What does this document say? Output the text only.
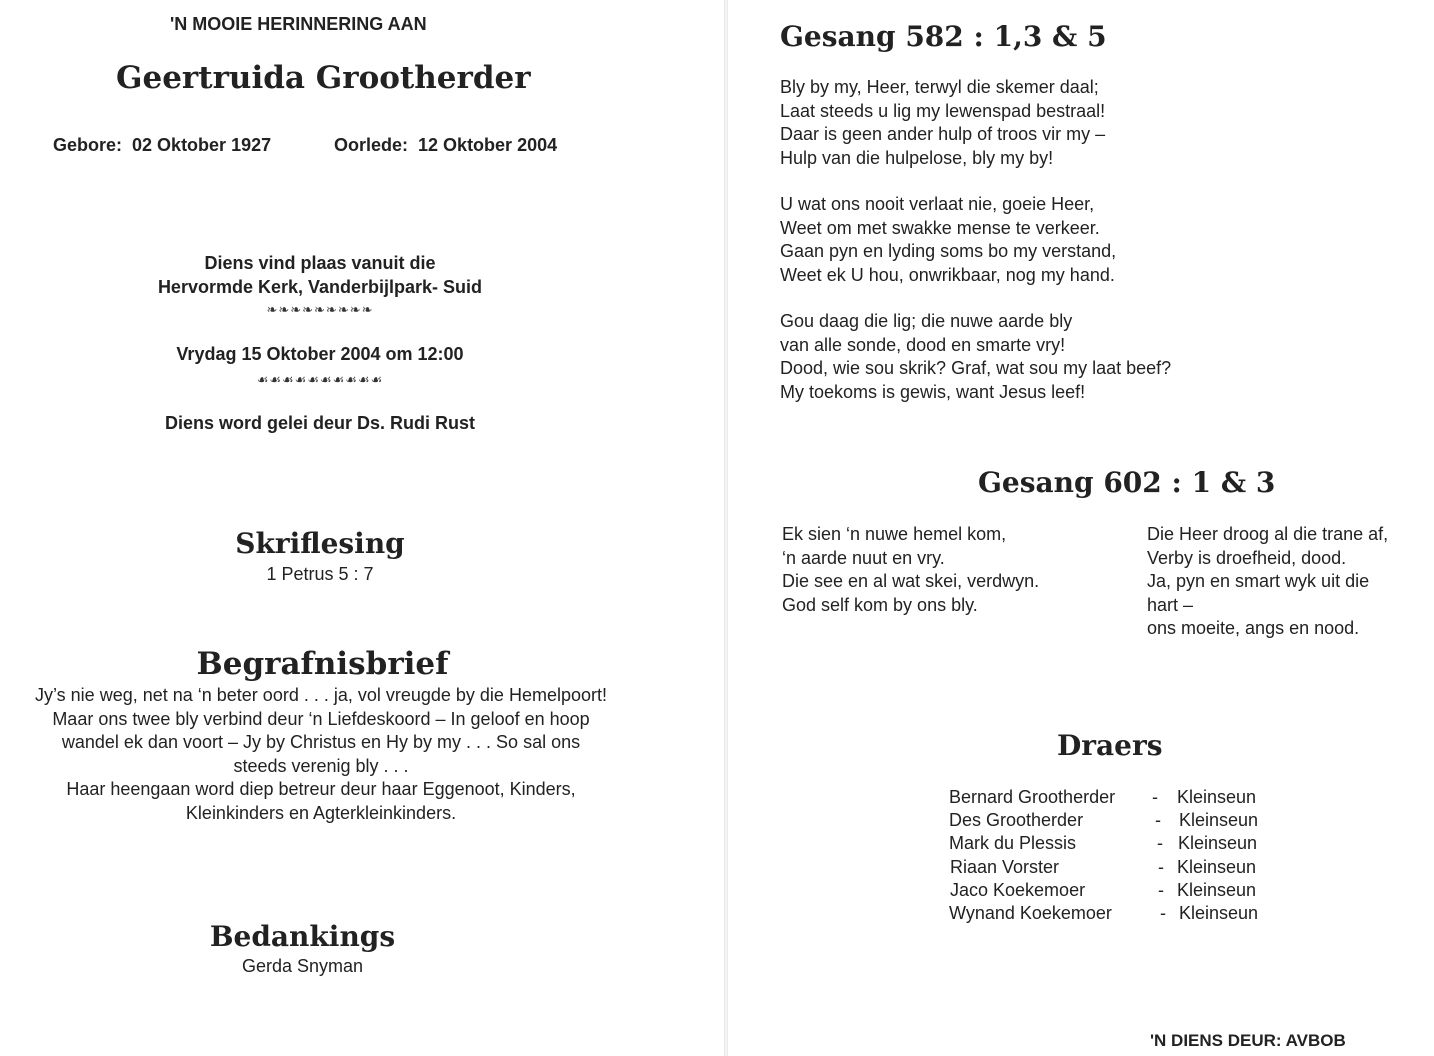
'N MOOIE HERINNERING AAN
Geertruida Grootherder
Gebore: 02 Oktober 1927	Oorlede: 12 Oktober 2004
Diens vind plaas vanuit die
Hervormde Kerk, Vanderbijlpark- Suid
❧❧❧❧❧❧❧❧❧
Vrydag 15 Oktober 2004 om 12:00
☙☙☙☙☙☙☙☙☙☙
Diens word gelei deur Ds. Rudi Rust
Skriflesing
1 Petrus 5 : 7
Begrafnisbrief
Jy’s nie weg, net na ‘n beter oord . . . ja, vol vreugde by die Hemelpoort!
Maar ons twee bly verbind deur ‘n Liefdeskoord – In geloof en hoop
wandel ek dan voort – Jy by Christus en Hy by my . . . So sal ons
steeds verenig bly . . .
Haar heengaan word diep betreur deur haar Eggenoot, Kinders,
Kleinkinders en Agterkleinkinders.
Bedankings
Gerda Snyman
Gesang 582 : 1,3 & 5
Bly by my, Heer, terwyl die skemer daal;
Laat steeds u lig my lewenspad bestraal!
Daar is geen ander hulp of troos vir my –
Hulp van die hulpelose, bly my by!
U wat ons nooit verlaat nie, goeie Heer,
Weet om met swakke mense te verkeer.
Gaan pyn en lyding soms bo my verstand,
Weet ek U hou, onwrikbaar, nog my hand.
Gou daag die lig; die nuwe aarde bly
van alle sonde, dood en smarte vry!
Dood, wie sou skrik? Graf, wat sou my laat beef?
My toekoms is gewis, want Jesus leef!
Gesang 602 : 1 & 3
Ek sien ‘n nuwe hemel kom,
‘n aarde nuut en vry.
Die see en al wat skei, verdwyn.
God self kom by ons bly.
Die Heer droog al die trane af,
Verby is droefheid, dood.
Ja, pyn en smart wyk uit die
hart –
ons moeite, angs en nood.
Draers
Bernard Grootherder - Kleinseun
Des Grootherder	- Kleinseun
Mark du Plessis	- Kleinseun
Riaan Vorster	- Kleinseun
Jaco Koekemoer	- Kleinseun
Wynand Koekemoer	- Kleinseun
'N DIENS DEUR: AVBOB
